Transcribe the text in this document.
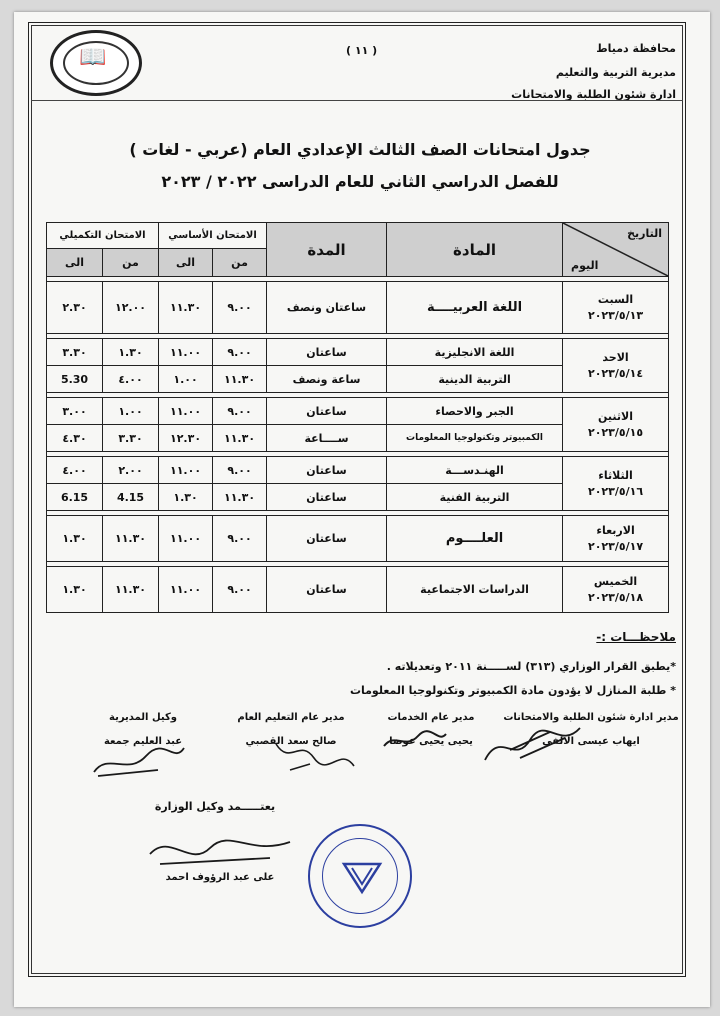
محافظة دمياط
مديرية التربية والتعليم
ادارة شئون الطلبة والامتحانات
( ١١ )
📖
جدول امتحانات الصف الثالث الإعدادي العام (عربي - لغات )
للفصل الدراسي الثاني للعام الدراسى ٢٠٢٢ / ٢٠٢٣
التاريخ
اليوم	المادة	المدة	الامتحان الأساسي		الامتحان التكميلي	
			من	الى	من	الى

السبت
٢٠٢٣/٥/١٣	اللغة العربيــــة	ساعتان ونصف	٩.٠٠	١١.٣٠	١٢.٠٠	٢.٣٠

الاحد
٢٠٢٣/٥/١٤	اللغة الانجليزية	ساعتان	٩.٠٠	١١.٠٠	١.٣٠	٣.٣٠
	التربية الدينية	ساعة ونصف	١١.٣٠	١.٠٠	٤.٠٠	5.30

الاثنين
٢٠٢٣/٥/١٥	الجبر والاحصاء	ساعتان	٩.٠٠	١١.٠٠	١.٠٠	٣.٠٠
	الكمبيوتر وتكنولوجيا المعلومات	ســــاعة	١١.٣٠	١٢.٣٠	٣.٣٠	٤.٣٠

الثلاثاء
٢٠٢٣/٥/١٦	الهنـدســـة	ساعتان	٩.٠٠	١١.٠٠	٢.٠٠	٤.٠٠
	التربية الفنية	ساعتان	١١.٣٠	١.٣٠	4.15	6.15

الاربعاء
٢٠٢٣/٥/١٧	العلــــوم	ساعتان	٩.٠٠	١١.٠٠	١١.٣٠	١.٣٠

الخميس
٢٠٢٣/٥/١٨	الدراسات الاجتماعية	ساعتان	٩.٠٠	١١.٠٠	١١.٣٠	١.٣٠
ملاحظـــات :-
*يطبق القرار الوزاري (٣١٣) لســـــنة ٢٠١١ وتعديلاته .
* طلبة المنازل لا يؤدون مادة الكمبيوتر وتكنولوجيا المعلومات
مدير ادارة شئون الطلبة والامتحانات
ايهاب عيسى الالفي
مدير عام الخدمات
يحيى يحيى عوضا
مدير عام التعليم العام
صالح سعد القصبي
وكيل المديرية
عبد العليم جمعة
يعتـــــمد وكيل الوزارة
على عبد الرؤوف احمد
